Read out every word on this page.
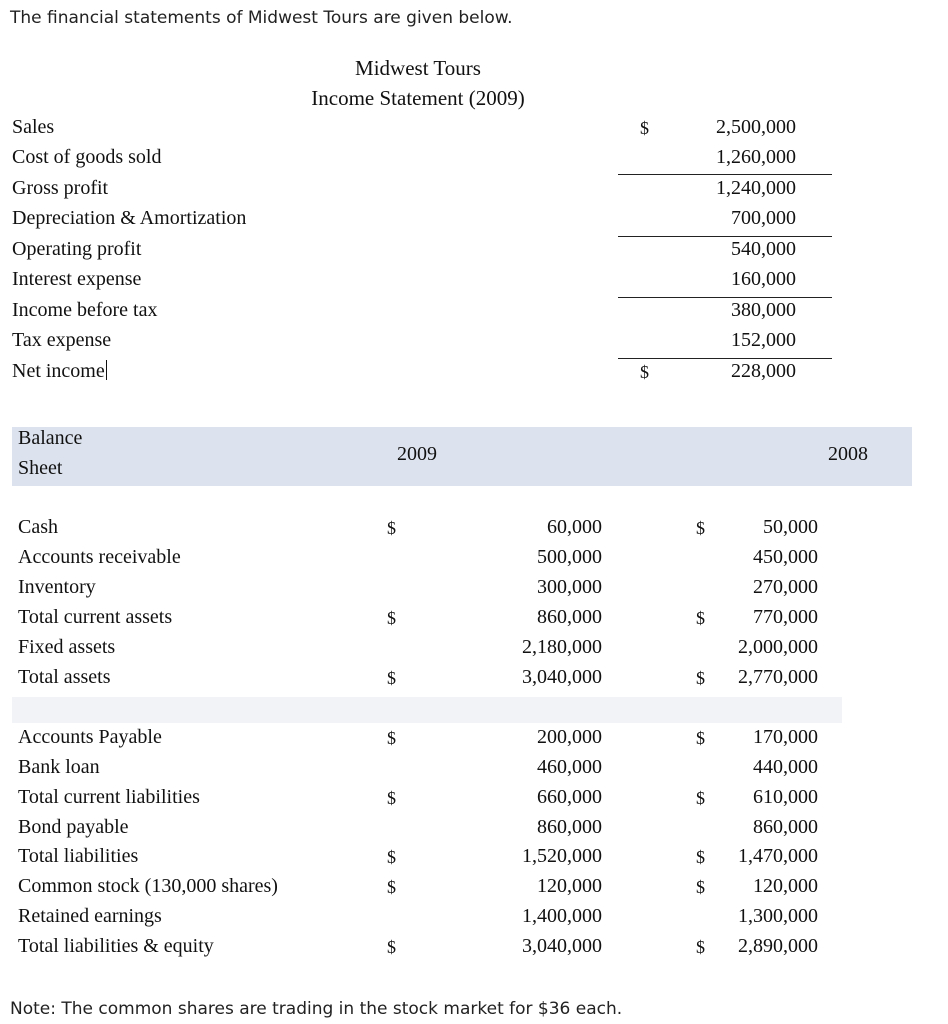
The financial statements of Midwest Tours are given below.
Midwest Tours
Income Statement (2009)
Sales	$	2,500,000
Cost of goods sold	1,260,000
Gross profit	1,240,000
Depreciation & Amortization	700,000
Operating profit	540,000
Interest expense	160,000
Income before tax	380,000
Tax expense	152,000
Net income	$	228,000
Balance
Sheet
2009	2008
Cash	$	60,000	$	50,000
Accounts receivable	500,000	450,000
Inventory	300,000	270,000
Total current assets	$	860,000	$	770,000
Fixed assets	2,180,000	2,000,000
Total assets	$	3,040,000	$	2,770,000
Accounts Payable	$	200,000	$	170,000
Bank loan	460,000	440,000
Total current liabilities	$	660,000	$	610,000
Bond payable	860,000	860,000
Total liabilities	$	1,520,000	$	1,470,000
Common stock (130,000 shares)	$	120,000	$	120,000
Retained earnings	1,400,000	1,300,000
Total liabilities & equity	$	3,040,000	$	2,890,000
Note: The common shares are trading in the stock market for $36 each.
